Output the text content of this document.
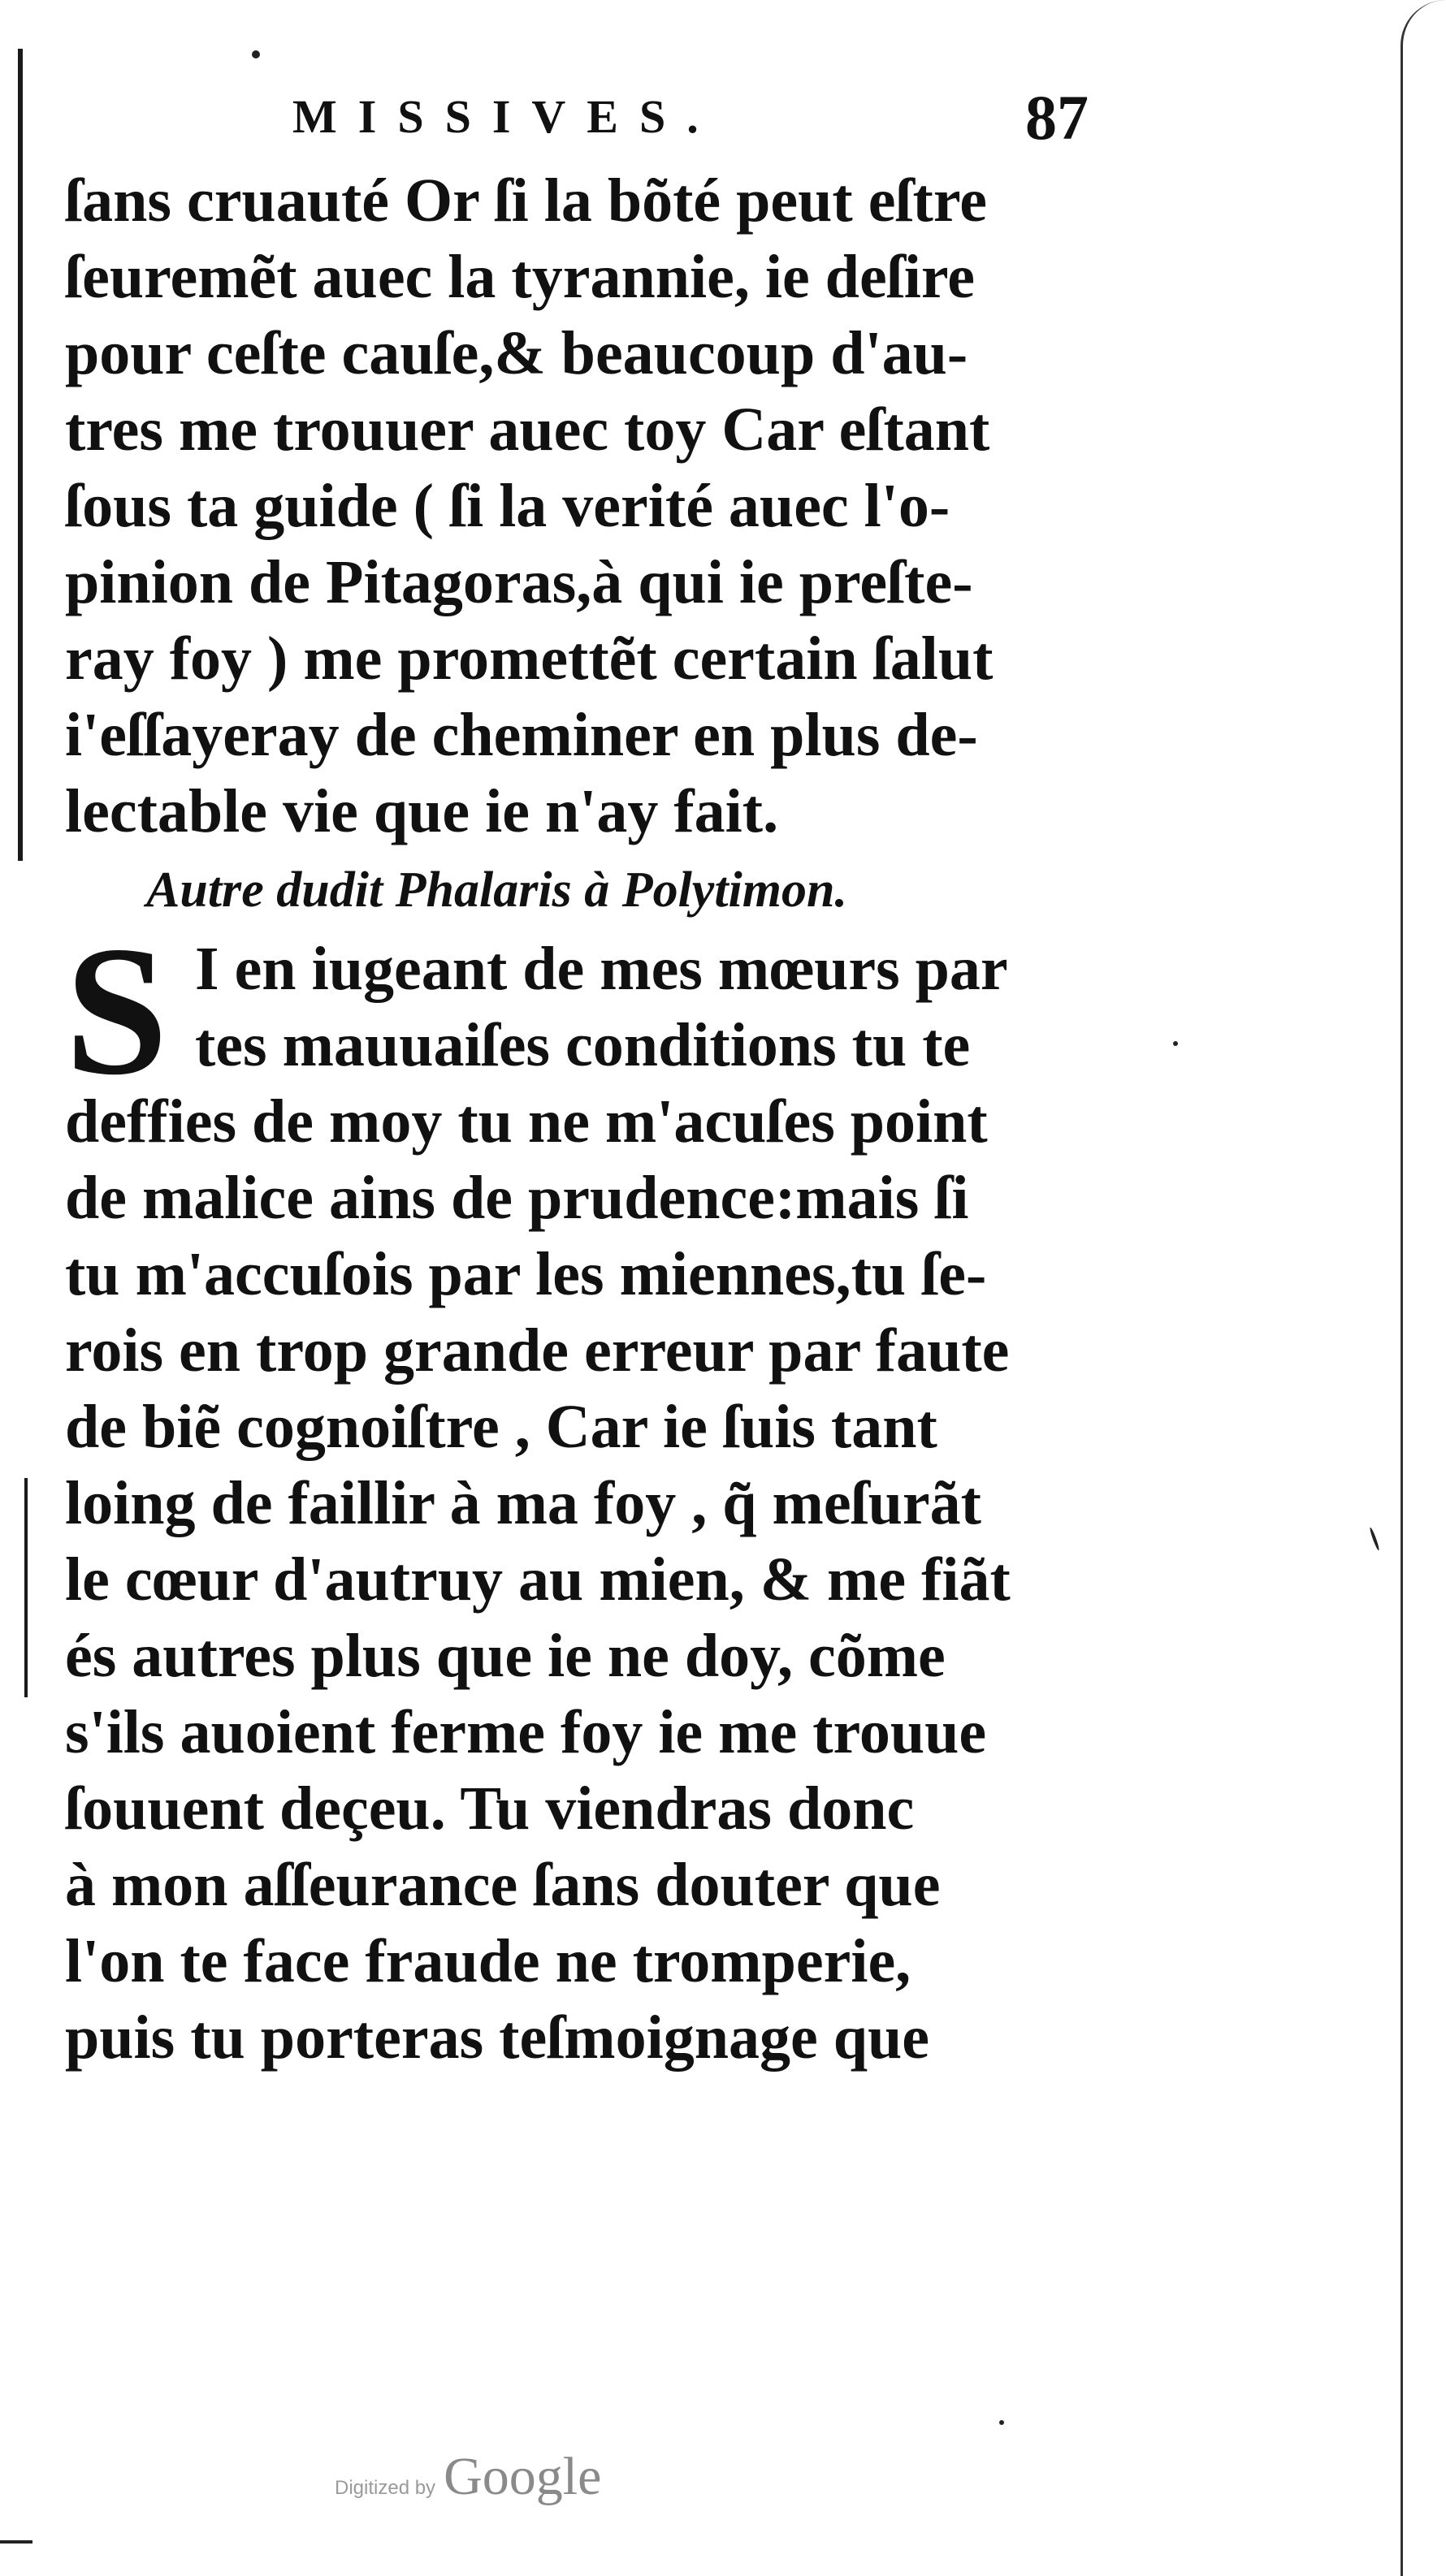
MISSIVES.	87
ſans cruauté Or ſi la bõté peut eſtre
ſeuremẽt auec la tyrannie, ie deſire
pour ceſte cauſe,& beaucoup d'au-
tres me trouuer auec toy Car eſtant
ſous ta guide ( ſi la verité auec l'o-
pinion de Pitagoras,à qui ie preſte-
ray foy ) me promettẽt certain ſalut
i'eſſayeray de cheminer en plus de-
lectable vie que ie n'ay fait.
Autre dudit Phalaris à Polytimon.
S I en iugeant de mes mœurs par
tes mauuaiſes conditions tu te
deffies de moy tu ne m'acuſes point
de malice ains de prudence:mais ſi
tu m'accuſois par les miennes,tu ſe-
rois en trop grande erreur par faute
de biẽ cognoiſtre , Car ie ſuis tant
loing de faillir à ma foy , q̃ meſurãt
le cœur d'autruy au mien, & me fiãt
és autres plus que ie ne doy, cõme
s'ils auoient ferme foy ie me trouue
ſouuent deçeu. Tu viendras donc
à mon aſſeurance ſans douter que
l'on te face fraude ne tromperie,
puis tu porteras teſmoignage que
Digitized by Google
